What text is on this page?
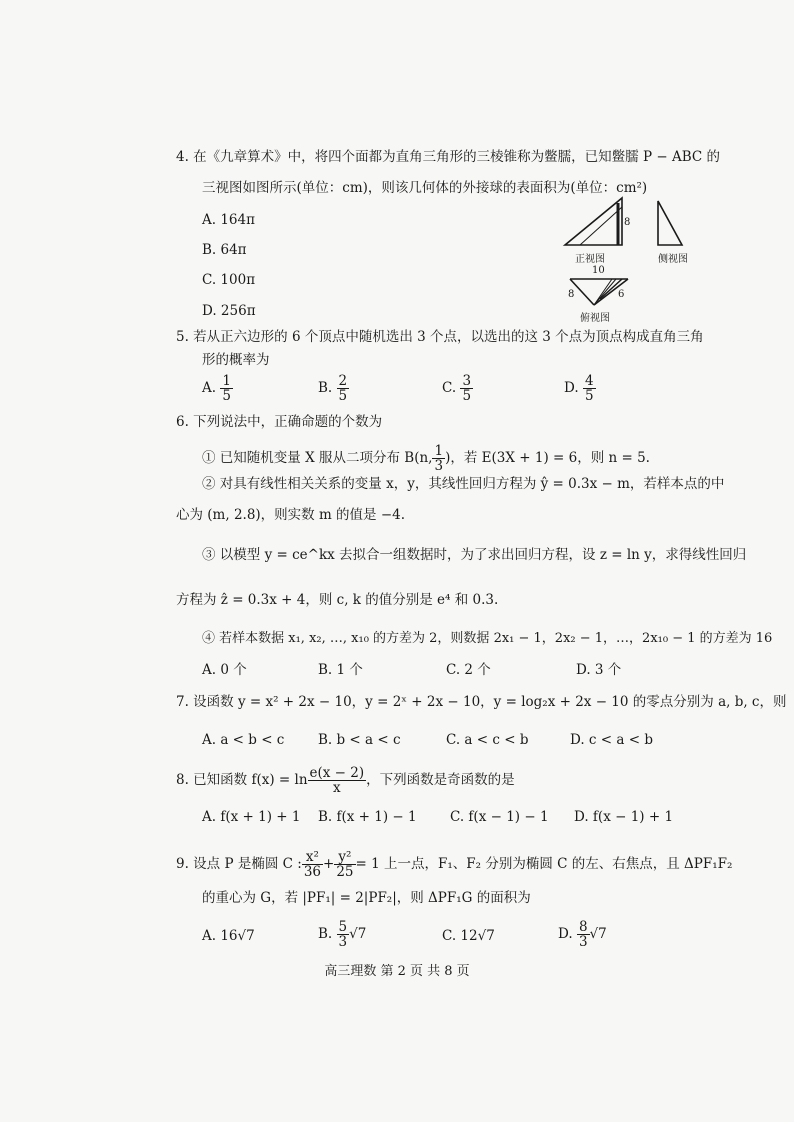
4. 在《九章算术》中，将四个面都为直角三角形的三棱锥称为鳖臑，已知鳖臑 P − ABC 的
三视图如图所示(单位：cm)，则该几何体的外接球的表面积为(单位：cm²)
A. 164π
B. 64π
C. 100π
D. 256π
8
正视图	侧视图
10
8	6
俯视图
5. 若从正六边形的 6 个顶点中随机选出 3 个点，以选出的这 3 个点为顶点构成直角三角
形的概率为
A. $\frac{1}{5}$	B. $\frac{2}{5}$	C. $\frac{3}{5}$	D. $\frac{4}{5}$
6. 下列说法中，正确命题的个数为
① 已知随机变量 X 服从二项分布 B(n, $\frac{1}{3}$ )，若 E(3X + 1) = 6，则 n = 5.
② 对具有线性相关关系的变量 x，y，其线性回归方程为 ŷ = 0.3x − m，若样本点的中
心为 (m, 2.8)，则实数 m 的值是 −4.
③ 以模型 y = ce^kx 去拟合一组数据时，为了求出回归方程，设 z = ln y，求得线性回归
方程为 ẑ = 0.3x + 4，则 c, k 的值分别是 e⁴ 和 0.3.
④ 若样本数据 x₁, x₂, …, x₁₀ 的方差为 2，则数据 2x₁ − 1，2x₂ − 1，…，2x₁₀ − 1 的方差为 16
A. 0 个	B. 1 个	C. 2 个	D. 3 个
7. 设函数 y = x² + 2x − 10，y = 2ˣ + 2x − 10，y = log₂x + 2x − 10 的零点分别为 a, b, c，则
A. a < b < c B. b < a < c	C. a < c < b	D. c < a < b
8. 已知函数 $f(x) = \ln \frac{e(x - 2)}{x}$ ，下列函数是奇函数的是
A. f(x + 1) + 1 B. f(x + 1) − 1 C. f(x − 1) − 1 D. f(x − 1) + 1
9. 设点 P 是椭圆 C : $\frac{\text{x²}}{36} + \frac{\text{y²}}{25} = 1$ 上一点，F₁、F₂ 分别为椭圆 C 的左、右焦点，且 ΔPF₁F₂
的重心为 G，若 |PF₁| = 2|PF₂|，则 ΔPF₁G 的面积为
A. 16√7	B. $\frac{5}{3} √7$	C. 12√7	D. $\frac{8}{3} √7$
高三理数 第 2 页 共 8 页
